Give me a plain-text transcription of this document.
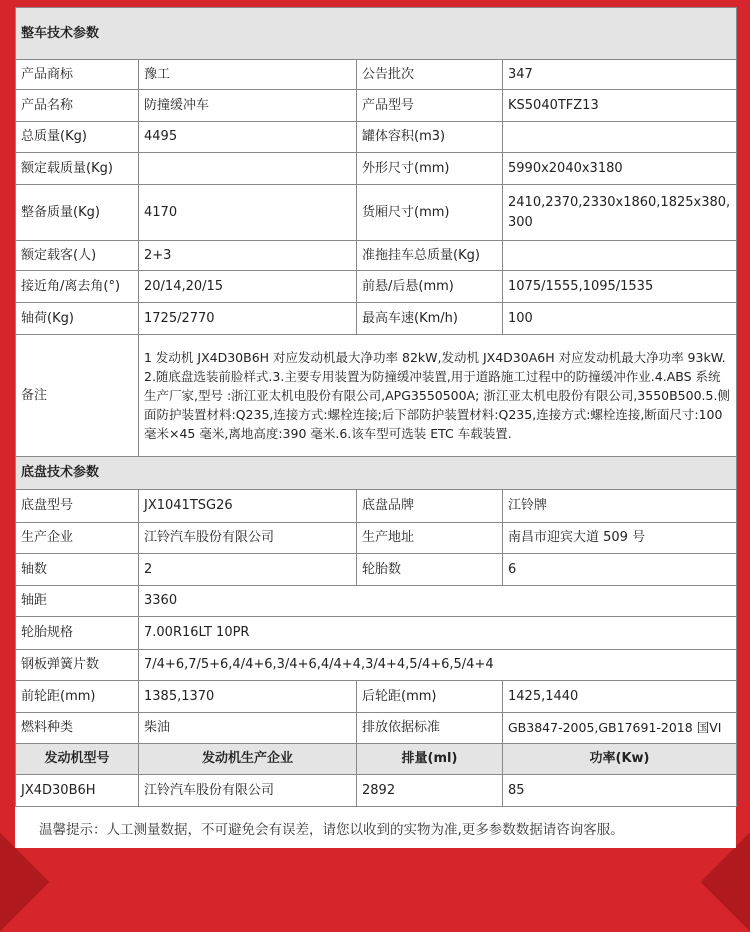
整车技术参数			
产品商标	豫工	公告批次	347
产品名称	防撞缓冲车	产品型号	KS5040TFZ13
总质量(Kg)	4495	罐体容积(m3)	
额定载质量(Kg)		外形尺寸(mm)	5990x2040x3180
整备质量(Kg)	4170	货厢尺寸(mm)	2410,2370,2330x1860,1825x380,300
额定载客(人)	2+3	准拖挂车总质量(Kg)	
接近角/离去角(°)	20/14,20/15	前悬/后悬(mm)	1075/1555,1095/1535
轴荷(Kg)	1725/2770	最高车速(Km/h)	100
备注	1 发动机 JX4D30B6H 对应发动机最大净功率 82kW,发动机 JX4D30A6H 对应发动机最大净功率 93kW. 2.随底盘选装前脸样式.3.主要专用装置为防撞缓冲装置,用于道路施工过程中的防撞缓冲作业.4.ABS 系统生产厂家,型号 :浙江亚太机电股份有限公司,APG3550500A; 浙江亚太机电股份有限公司,3550B500.5.侧面防护装置材料:Q235,连接方式:螺栓连接;后下部防护装置材料:Q235,连接方式:螺栓连接,断面尺寸:100 毫米×45 毫米,离地高度:390 毫米.6.该车型可选装 ETC 车载装置.		
底盘技术参数			
底盘型号	JX1041TSG26	底盘品牌	江铃牌
生产企业	江铃汽车股份有限公司	生产地址	南昌市迎宾大道 509 号
轴数	2	轮胎数	6
轴距	3360		
轮胎规格	7.00R16LT 10PR		
钢板弹簧片数	7/4+6,7/5+6,4/4+6,3/4+6,4/4+4,3/4+4,5/4+6,5/4+4		
前轮距(mm)	1385,1370	后轮距(mm)	1425,1440
燃料种类	柴油	排放依据标准	GB3847-2005,GB17691-2018 国VI
发动机型号	发动机生产企业	排量(ml)	功率(Kw)
JX4D30B6H	江铃汽车股份有限公司	2892	85
温馨提示：人工测量数据，不可避免会有误差，请您以收到的实物为准,更多参数数据请咨询客服。
